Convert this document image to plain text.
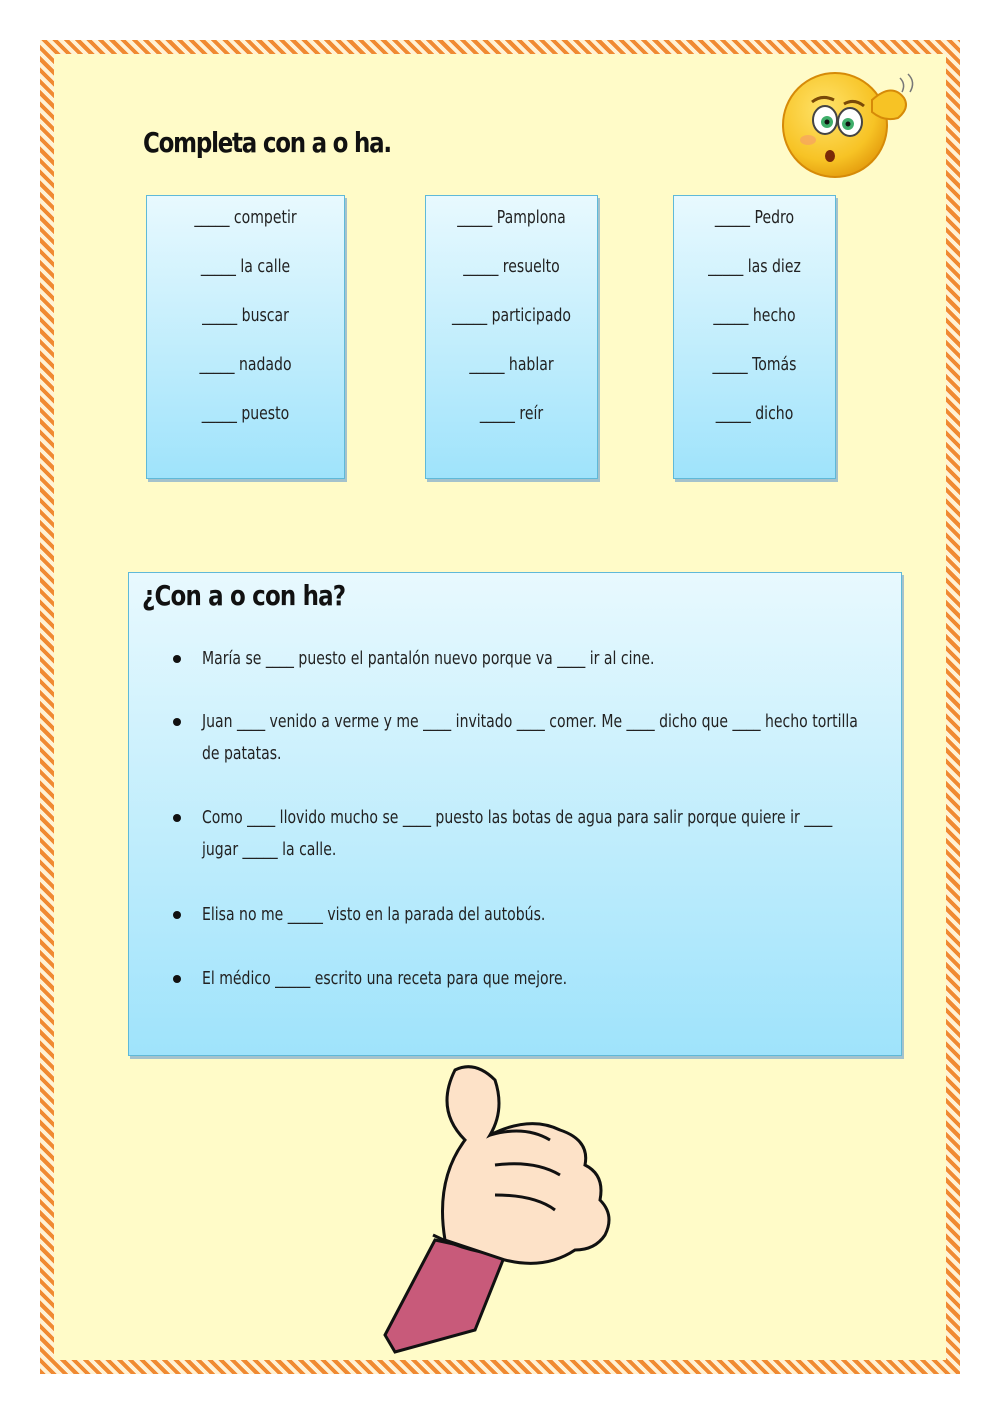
Completa con a o ha.
_____ competir
_____ la calle
_____ buscar
_____ nadado
_____ puesto
_____ Pamplona
_____ resuelto
_____ participado
_____ hablar
_____ reír
_____ Pedro
_____ las diez
_____ hecho
_____ Tomás
_____ dicho
¿Con a o con ha?
María se ____ puesto el pantalón nuevo porque va ____ ir al cine.
Juan ____ venido a verme y me ____ invitado ____ comer. Me ____ dicho que ____ hecho tortilla de patatas.
Como ____ llovido mucho se ____ puesto las botas de agua para salir porque quiere ir ____ jugar _____ la calle.
Elisa no me _____ visto en la parada del autobús.
El médico _____ escrito una receta para que mejore.
